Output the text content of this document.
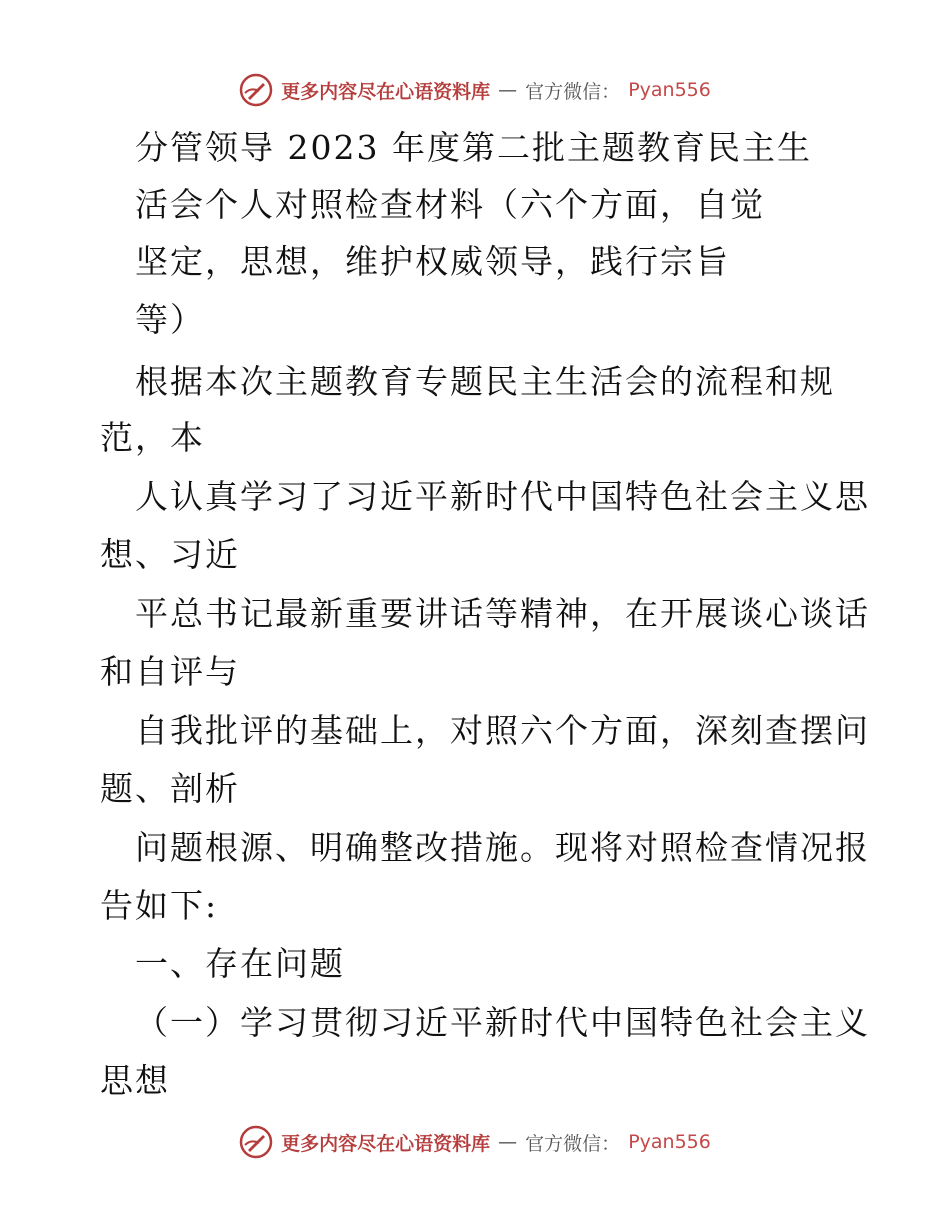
更多内容尽在心语资料库 — 官方微信： Pyan556
分管领导 2023 年度第二批主题教育民主生
活会个人对照检查材料（六个方面，自觉
坚定，思想，维护权威领导，践行宗旨
等）
根据本次主题教育专题民主生活会的流程和规
范，本
人认真学习了习近平新时代中国特色社会主义思
想、习近
平总书记最新重要讲话等精神，在开展谈心谈话
和自评与
自我批评的基础上，对照六个方面，深刻查摆问
题、剖析
问题根源、明确整改措施。现将对照检查情况报
告如下:
一、存在问题
（一）学习贯彻习近平新时代中国特色社会主义
思想
更多内容尽在心语资料库 — 官方微信： Pyan556
